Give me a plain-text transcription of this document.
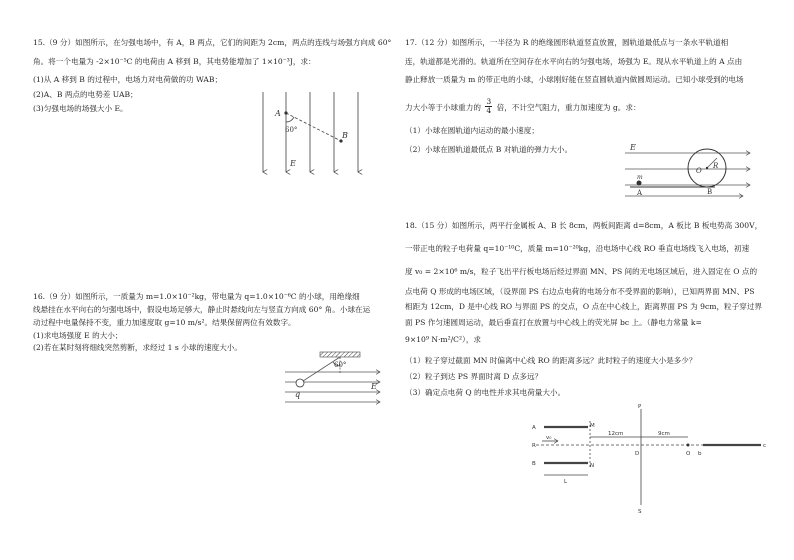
15.（9 分）如图所示，在匀强电场中，有 A，B 两点，它们的间距为 2cm，两点的连线与场强方向成 60°
角。将一个电量为 -2×10⁻⁵C 的电荷由 A 移到 B，其电势能增加了 1×10⁻³J，求：
(1)从 A 移到 B 的过程中，电场力对电荷做的功 WAB；
(2)A、B 两点的电势差 UAB；
(3)匀强电场的场强大小 E。
A
B
60°
E
16.（9 分）如图所示，一质量为 m=1.0×10⁻²kg，带电量为 q=1.0×10⁻⁶C 的小球，用绝缘细
线悬挂在水平向右的匀强电场中，假设电场足够大，静止时悬线向左与竖直方向成 60° 角。小球在运
动过程中电量保持不变，重力加速度取 g=10 m/s²。结果保留两位有效数字。
(1)求电场强度 E 的大小；
(2)若在某时刻将细线突然剪断，求经过 1 s 小球的速度大小。
60°
E
q
17.（12 分）如图所示，一半径为 R 的绝缘圆形轨道竖直放置，圆轨道最低点与一条水平轨道相
连，轨道都是光滑的。轨道所在空间存在水平向右的匀强电场，场强为 E。现从水平轨道上的 A 点由
静止释放一质量为 m 的带正电的小球，小球刚好能在竖直圆轨道内做圆周运动。已知小球受到的电场
力大小等于小球重力的 $\frac{3}{4}$ 倍，不计空气阻力，重力加速度为 g。求：
（1）小球在圆轨道内运动的最小速度；
（2）小球在圆轨道最低点 B 对轨道的弹力大小。	E
R
O
m
A	B
18.（15 分）如图所示，两平行金属板 A、B 长 8cm，两板间距离 d=8cm，A 板比 B 板电势高 300V，
一带正电的粒子电荷量 q=10⁻¹⁰C，质量 m=10⁻²⁰kg，沿电场中心线 RO 垂直电场线飞入电场，初速
度 v₀ = 2×10⁶ m/s，粒子飞出平行板电场后经过界面 MN、PS 间的无电场区域后，进入固定在 O 点的
点电荷 Q 形成的电场区域，（设界面 PS 右边点电荷的电场分布不受界面的影响），已知两界面 MN、PS
相距为 12cm，D 是中心线 RO 与界面 PS 的交点，O 点在中心线上，距离界面 PS 为 9cm，粒子穿过界
面 PS 作匀速圆周运动，最后垂直打在放置与中心线上的荧光屏 bc 上。（静电力常量 k=
9×10⁹ N·m²/C²），求
（1）粒子穿过截面 MN 时偏离中心线 RO 的距离多远？此时粒子的速度大小是多少？
（2）粒子到达 PS 界面时离 D 点多远？
（3）确定点电荷 Q 的电性并求其电荷量大小。
A
R
B
M
N
P
S
D	O b
c
L
v₀
12cm	9cm
